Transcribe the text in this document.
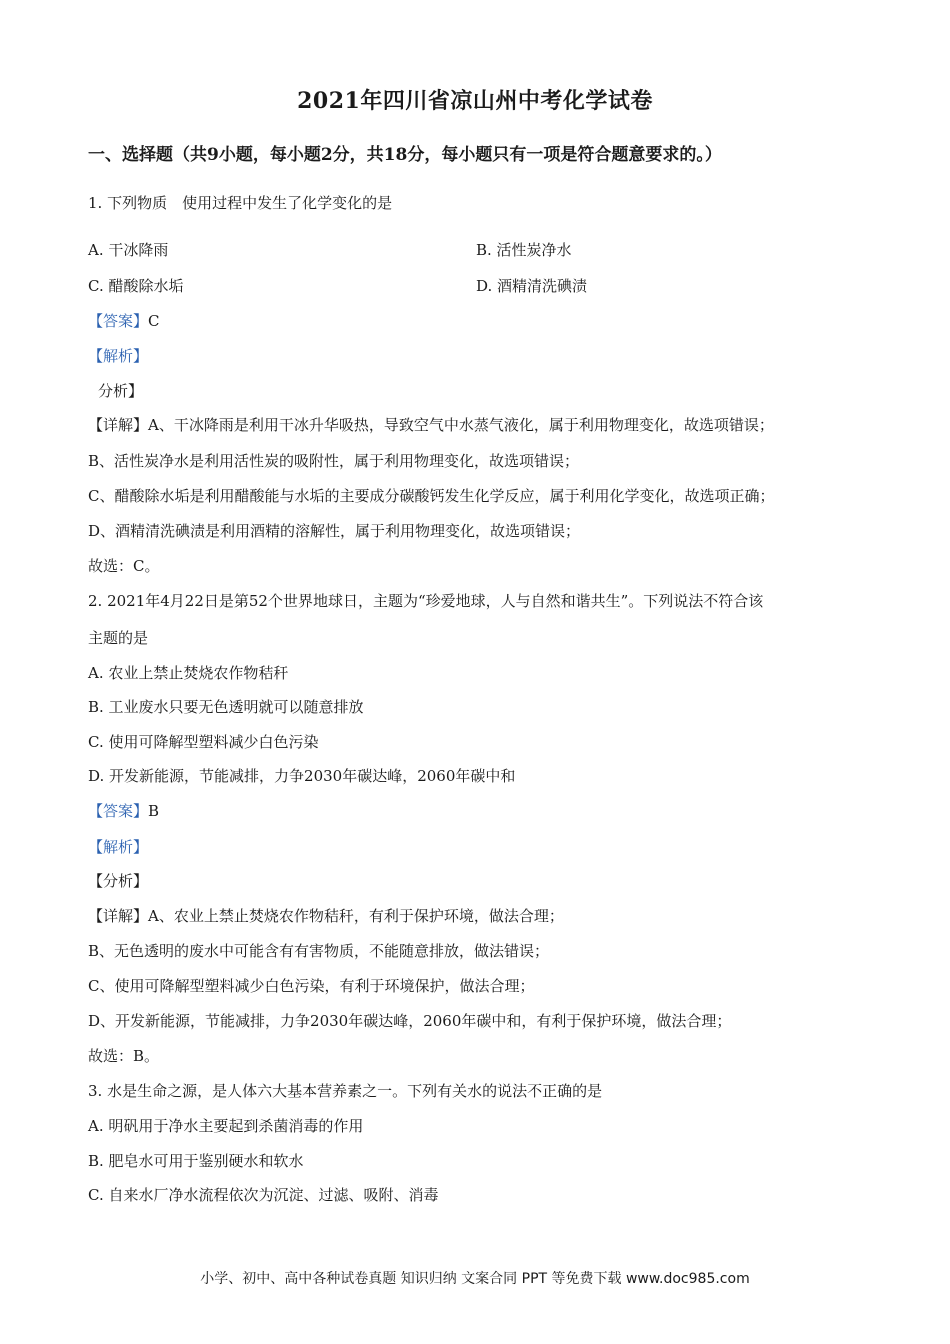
2021年四川省凉山州中考化学试卷
一、选择题（共9小题，每小题2分，共18分，每小题只有一项是符合题意要求的。）
1. 下列物质　使用过程中发生了化学变化的是
A. 干冰降雨	B. 活性炭净水
C. 醋酸除水垢	D. 酒精清洗碘渍
【答案】C
【解析】
分析】
【详解】A、干冰降雨是利用干冰升华吸热，导致空气中水蒸气液化，属于利用物理变化，故选项错误；
B、活性炭净水是利用活性炭的吸附性，属于利用物理变化，故选项错误；
C、醋酸除水垢是利用醋酸能与水垢的主要成分碳酸钙发生化学反应，属于利用化学变化，故选项正确；
D、酒精清洗碘渍是利用酒精的溶解性，属于利用物理变化，故选项错误；
故选：C。
2. 2021年4月22日是第52个世界地球日，主题为“珍爱地球，人与自然和谐共生”。下列说法不符合该
主题的是
A. 农业上禁止焚烧农作物秸秆
B. 工业废水只要无色透明就可以随意排放
C. 使用可降解型塑料减少白色污染
D. 开发新能源，节能减排，力争2030年碳达峰，2060年碳中和
【答案】B
【解析】
【分析】
【详解】A、农业上禁止焚烧农作物秸秆，有利于保护环境，做法合理；
B、无色透明的废水中可能含有有害物质，不能随意排放，做法错误；
C、使用可降解型塑料减少白色污染，有利于环境保护，做法合理；
D、开发新能源，节能减排，力争2030年碳达峰，2060年碳中和，有利于保护环境，做法合理；
故选：B。
3. 水是生命之源，是人体六大基本营养素之一。下列有关水的说法不正确的是
A. 明矾用于净水主要起到杀菌消毒的作用
B. 肥皂水可用于鉴别硬水和软水
C. 自来水厂净水流程依次为沉淀、过滤、吸附、消毒
小学、初中、高中各种试卷真题 知识归纳 文案合同 PPT 等免费下载 www.doc985.com
